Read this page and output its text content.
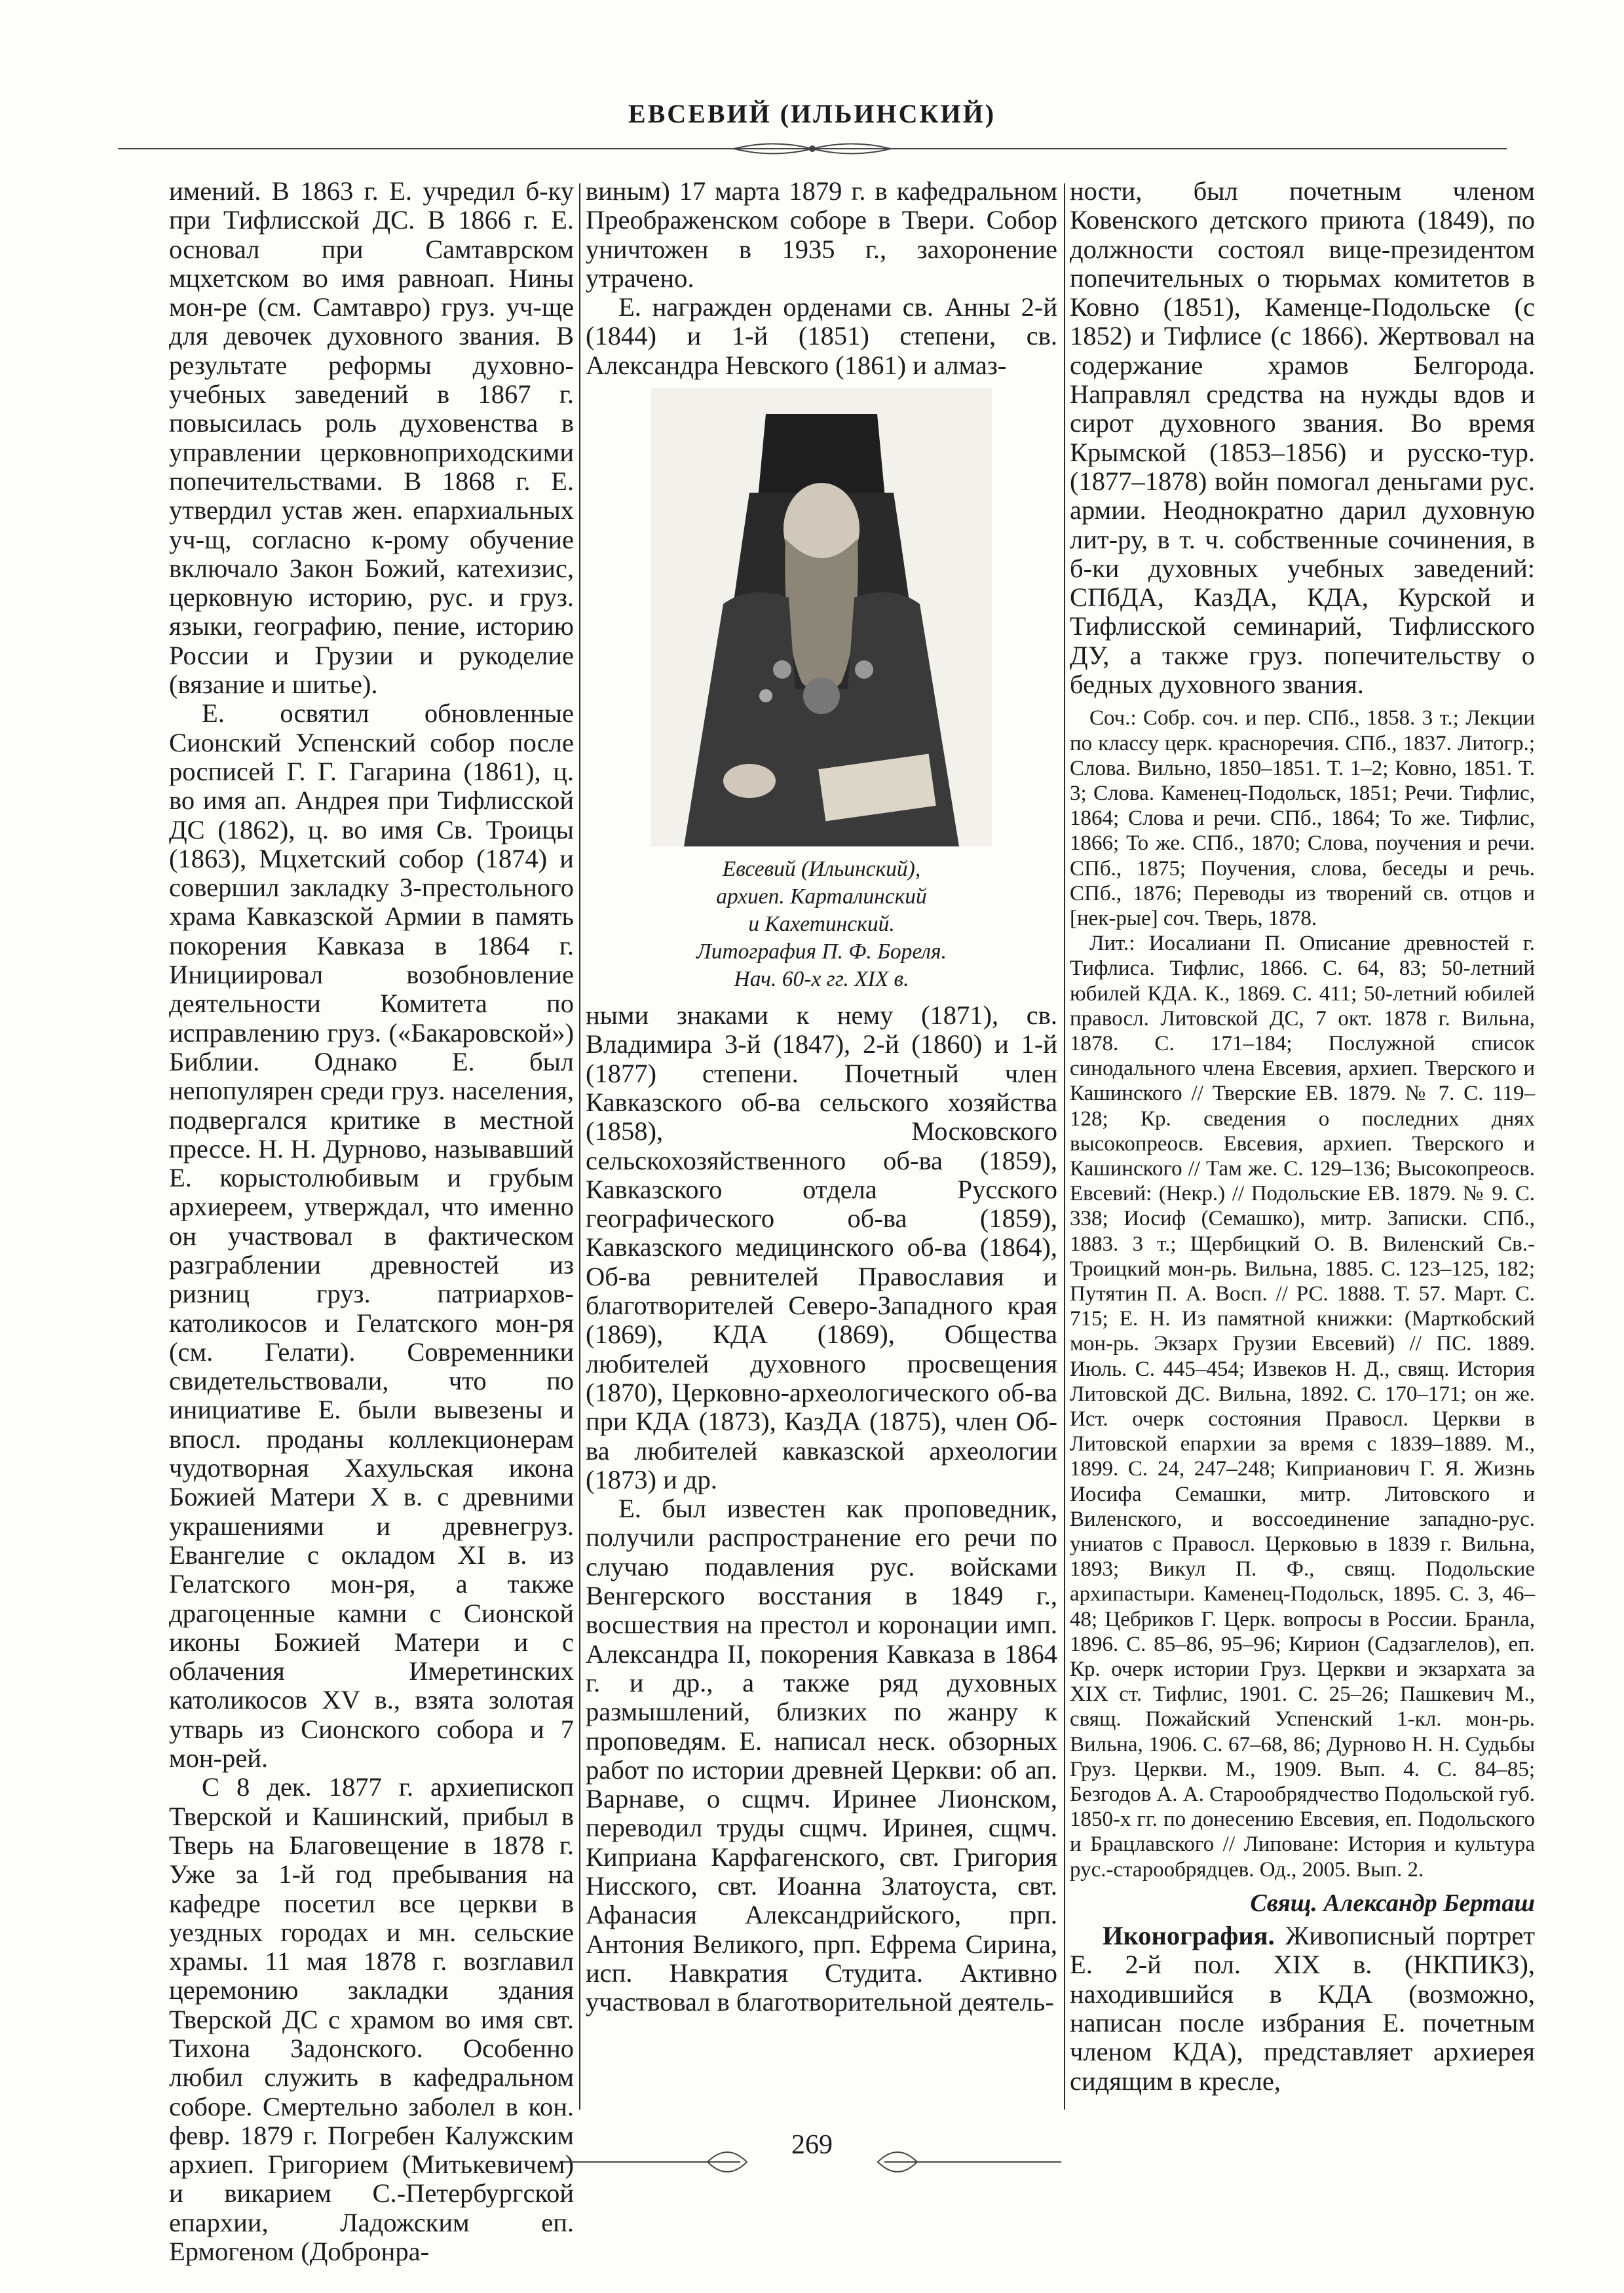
ЕВСЕВИЙ (ИЛЬИНСКИЙ)

имений. В 1863 г. Е. учредил б-ку при Тифлисской ДС. В 1866 г. Е. основал при Самтаврском мцхетском во имя равноап. Нины мон-ре (см. Самтавро) груз. уч-ще для девочек духовного звания. В результате реформы духовно-учебных заведений в 1867 г. повысилась роль духовенства в управлении церковноприходскими попечительствами. В 1868 г. Е. утвердил устав жен. епархиальных уч-щ, согласно к-рому обучение включало Закон Божий, катехизис, церковную историю, рус. и груз. языки, географию, пение, историю России и Грузии и рукоделие (вязание и шитье).

Е. освятил обновленные Сионский Успенский собор после росписей Г. Г. Гагарина (1861), ц. во имя ап. Андрея при Тифлисской ДС (1862), ц. во имя Св. Троицы (1863), Мцхетский собор (1874) и совершил закладку 3-престольного храма Кавказской Армии в память покорения Кавказа в 1864 г. Инициировал возобновление деятельности Комитета по исправлению груз. («Бакаровской») Библии. Однако Е. был непопулярен среди груз. населения, подвергался критике в местной прессе. Н. Н. Дурново, называвший Е. корыстолюбивым и грубым архиереем, утверждал, что именно он участвовал в фактическом разграблении древностей из ризниц груз. патриархов-католикосов и Гелатского мон-ря (см. Гелати). Современники свидетельствовали, что по инициативе Е. были вывезены и впосл. проданы коллекционерам чудотворная Хахульская икона Божией Матери X в. с древними украшениями и древнегруз. Евангелие с окладом XI в. из Гелатского мон-ря, а также драгоценные камни с Сионской иконы Божией Матери и с облачения Имеретинских католикосов XV в., взята золотая утварь из Сионского собора и 7 мон-рей.

С 8 дек. 1877 г. архиепископ Тверской и Кашинский, прибыл в Тверь на Благовещение в 1878 г. Уже за 1-й год пребывания на кафедре посетил все церкви в уездных городах и мн. сельские храмы. 11 мая 1878 г. возглавил церемонию закладки здания Тверской ДС с храмом во имя свт. Тихона Задонского. Особенно любил служить в кафедральном соборе. Смертельно заболел в кон. февр. 1879 г. Погребен Калужским архиеп. Григорием (Митькевичем) и викарием С.-Петербургской епархии, Ладожским еп. Ермогеном (Добронра-

виным) 17 марта 1879 г. в кафедральном Преображенском соборе в Твери. Собор уничтожен в 1935 г., захоронение утрачено.

Е. награжден орденами св. Анны 2-й (1844) и 1-й (1851) степени, св. Александра Невского (1861) и алмаз-

Евсевий (Ильинский),
архиеп. Карталинский
и Кахетинский.
Литография П. Ф. Бореля.
Нач. 60-х гг. XIX в.

ными знаками к нему (1871), св. Владимира 3-й (1847), 2-й (1860) и 1-й (1877) степени. Почетный член Кавказского об-ва сельского хозяйства (1858), Московского сельскохозяйственного об-ва (1859), Кавказского отдела Русского географического об-ва (1859), Кавказского медицинского об-ва (1864), Об-ва ревнителей Православия и благотворителей Северо-Западного края (1869), КДА (1869), Общества любителей духовного просвещения (1870), Церковно-археологического об-ва при КДА (1873), КазДА (1875), член Об-ва любителей кавказской археологии (1873) и др.

Е. был известен как проповедник, получили распространение его речи по случаю подавления рус. войсками Венгерского восстания в 1849 г., восшествия на престол и коронации имп. Александра II, покорения Кавказа в 1864 г. и др., а также ряд духовных размышлений, близких по жанру к проповедям. Е. написал неск. обзорных работ по истории древней Церкви: об ап. Варнаве, о сщмч. Иринее Лионском, переводил труды сщмч. Иринея, сщмч. Киприана Карфагенского, свт. Григория Нисского, свт. Иоанна Златоуста, свт. Афанасия Александрийского, прп. Антония Великого, прп. Ефрема Сирина, исп. Навкратия Студита. Активно участвовал в благотворительной деятель-

ности, был почетным членом Ковенского детского приюта (1849), по должности состоял вице-президентом попечительных о тюрьмах комитетов в Ковно (1851), Каменце-Подольске (с 1852) и Тифлисе (с 1866). Жертвовал на содержание храмов Белгорода. Направлял средства на нужды вдов и сирот духовного звания. Во время Крымской (1853–1856) и русско-тур. (1877–1878) войн помогал деньгами рус. армии. Неоднократно дарил духовную лит-ру, в т. ч. собственные сочинения, в б-ки духовных учебных заведений: СПбДА, КазДА, КДА, Курской и Тифлисской семинарий, Тифлисского ДУ, а также груз. попечительству о бедных духовного звания.

Соч.: Собр. соч. и пер. СПб., 1858. 3 т.; Лекции по классу церк. красноречия. СПб., 1837. Литогр.; Слова. Вильно, 1850–1851. Т. 1–2; Ковно, 1851. Т. 3; Слова. Каменец-Подольск, 1851; Речи. Тифлис, 1864; Слова и речи. СПб., 1864; То же. Тифлис, 1866; То же. СПб., 1870; Слова, поучения и речи. СПб., 1875; Поучения, слова, беседы и речь. СПб., 1876; Переводы из творений св. отцов и [нек-рые] соч. Тверь, 1878.

Лит.: Иосалиани П. Описание древностей г. Тифлиса. Тифлис, 1866. С. 64, 83; 50-летний юбилей КДА. К., 1869. С. 411; 50-летний юбилей правосл. Литовской ДС, 7 окт. 1878 г. Вильна, 1878. С. 171–184; Послужной список синодального члена Евсевия, архиеп. Тверского и Кашинского // Тверские ЕВ. 1879. № 7. С. 119–128; Кр. сведения о последних днях высокопреосв. Евсевия, архиеп. Тверского и Кашинского // Там же. С. 129–136; Высокопреосв. Евсевий: (Некр.) // Подольские ЕВ. 1879. № 9. С. 338; Иосиф (Семашко), митр. Записки. СПб., 1883. 3 т.; Щербицкий О. В. Виленский Св.-Троицкий мон-рь. Вильна, 1885. С. 123–125, 182; Путятин П. А. Восп. // РС. 1888. Т. 57. Март. С. 715; Е. Н. Из памятной книжки: (Марткобский мон-рь. Экзарх Грузии Евсевий) // ПС. 1889. Июль. С. 445–454; Извеков Н. Д., свящ. История Литовской ДС. Вильна, 1892. С. 170–171; он же. Ист. очерк состояния Правосл. Церкви в Литовской епархии за время с 1839–1889. М., 1899. С. 24, 247–248; Киприанович Г. Я. Жизнь Иосифа Семашки, митр. Литовского и Виленского, и воссоединение западно-рус. униатов с Правосл. Церковью в 1839 г. Вильна, 1893; Викул П. Ф., свящ. Подольские архипастыри. Каменец-Подольск, 1895. С. 3, 46–48; Цебриков Г. Церк. вопросы в России. Бранла, 1896. С. 85–86, 95–96; Кирион (Садзаглелов), еп. Кр. очерк истории Груз. Церкви и экзархата за XIX ст. Тифлис, 1901. С. 25–26; Пашкевич М., свящ. Пожайский Успенский 1-кл. мон-рь. Вильна, 1906. С. 67–68, 86; Дурново Н. Н. Судьбы Груз. Церкви. М., 1909. Вып. 4. С. 84–85; Безгодов А. А. Старообрядчество Подольской губ. 1850-х гг. по донесению Евсевия, еп. Подольского и Брацлавского // Липоване: История и культура рус.-старообрядцев. Од., 2005. Вып. 2.

Свящ. Александр Берташ

Иконография. Живописный портрет Е. 2-й пол. XIX в. (НКПИКЗ), находившийся в КДА (возможно, написан после избрания Е. почетным членом КДА), представляет архиерея сидящим в кресле,

269
